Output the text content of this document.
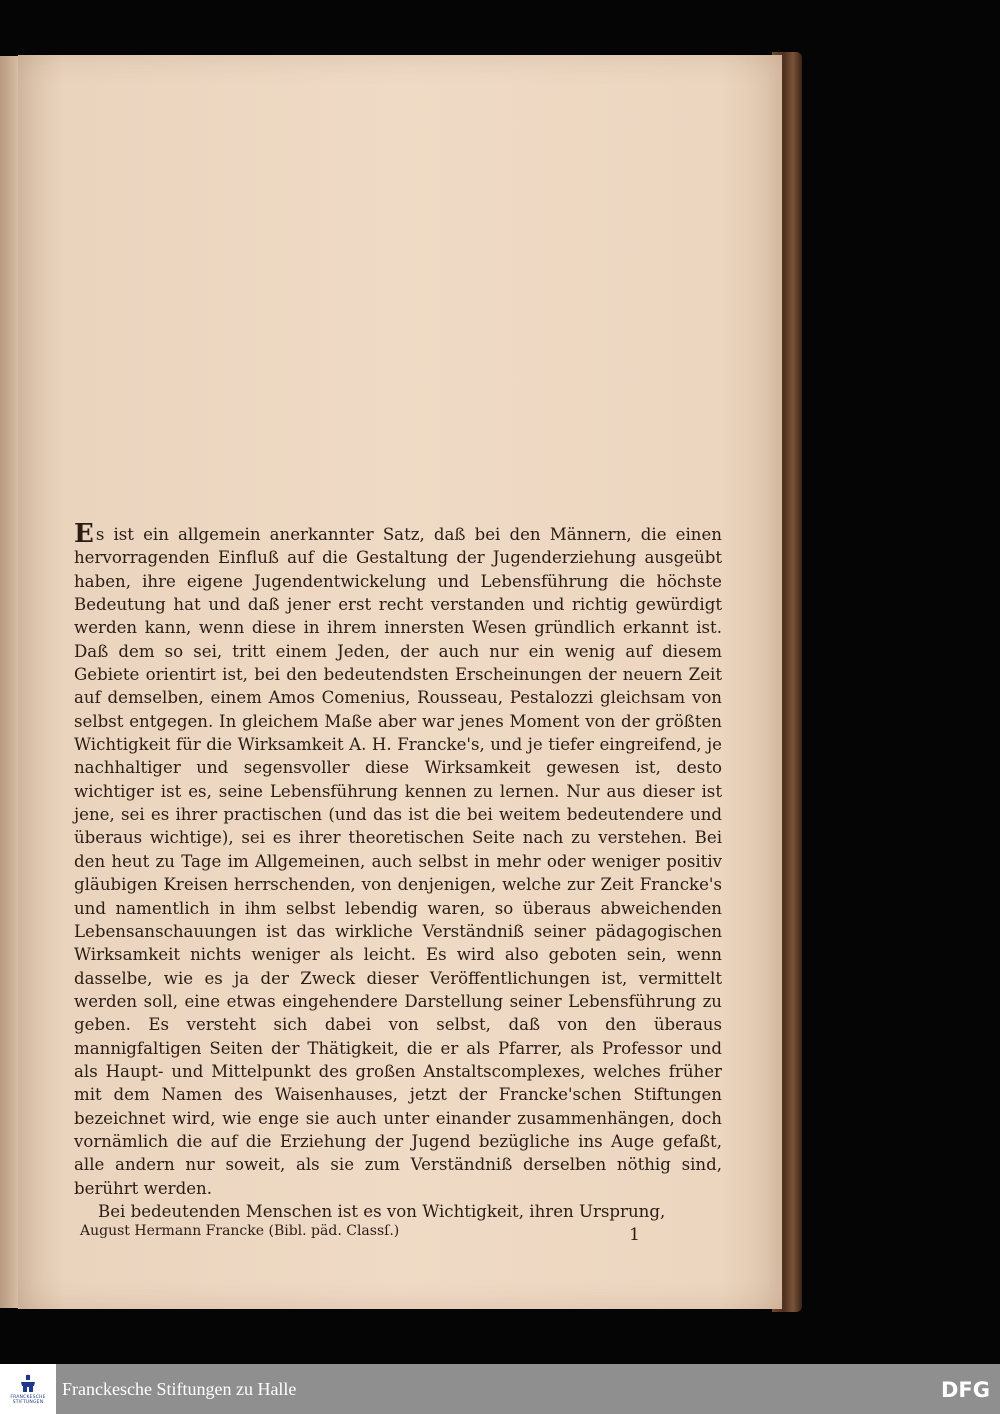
Es ist ein allgemein anerkannter Satz, daß bei den Männern, die einen hervorragenden Einfluß auf die Gestaltung der Jugenderziehung ausgeübt haben, ihre eigene Jugendentwickelung und Lebensführung die höchste Bedeutung hat und daß jener erst recht verstanden und richtig gewürdigt werden kann, wenn diese in ihrem innersten Wesen gründlich erkannt ist. Daß dem so sei, tritt einem Jeden, der auch nur ein wenig auf diesem Gebiete orientirt ist, bei den bedeutendsten Erscheinungen der neuern Zeit auf demselben, einem Amos Comenius, Rousseau, Pestalozzi gleichsam von selbst entgegen. In gleichem Maße aber war jenes Moment von der größten Wichtigkeit für die Wirksamkeit A. H. Francke's, und je tiefer eingreifend, je nachhaltiger und segensvoller diese Wirksamkeit gewesen ist, desto wichtiger ist es, seine Lebensführung kennen zu lernen. Nur aus dieser ist jene, sei es ihrer practischen (und das ist die bei weitem bedeutendere und überaus wichtige), sei es ihrer theoretischen Seite nach zu verstehen. Bei den heut zu Tage im Allgemeinen, auch selbst in mehr oder weniger positiv gläubigen Kreisen herrschenden, von denjenigen, welche zur Zeit Francke's und namentlich in ihm selbst lebendig waren, so überaus abweichenden Lebensanschauungen ist das wirkliche Verständniß seiner pädagogischen Wirksamkeit nichts weniger als leicht. Es wird also geboten sein, wenn dasselbe, wie es ja der Zweck dieser Veröffentlichungen ist, vermittelt werden soll, eine etwas eingehendere Darstellung seiner Lebensführung zu geben. Es versteht sich dabei von selbst, daß von den überaus mannigfaltigen Seiten der Thätigkeit, die er als Pfarrer, als Professor und als Haupt- und Mittelpunkt des großen Anstaltscomplexes, welches früher mit dem Namen des Waisenhauses, jetzt der Francke'schen Stiftungen bezeichnet wird, wie enge sie auch unter einander zusammenhängen, doch vornämlich die auf die Erziehung der Jugend bezügliche ins Auge gefaßt, alle andern nur soweit, als sie zum Verständniß derselben nöthig sind, berührt werden.

Bei bedeutenden Menschen ist es von Wichtigkeit, ihren Ursprung,

August Hermann Francke (Bibl. päd. Classſ.)	1
FRANCKESCHE STIFTUNGEN
Franckesche Stiftungen zu Halle	DFG
